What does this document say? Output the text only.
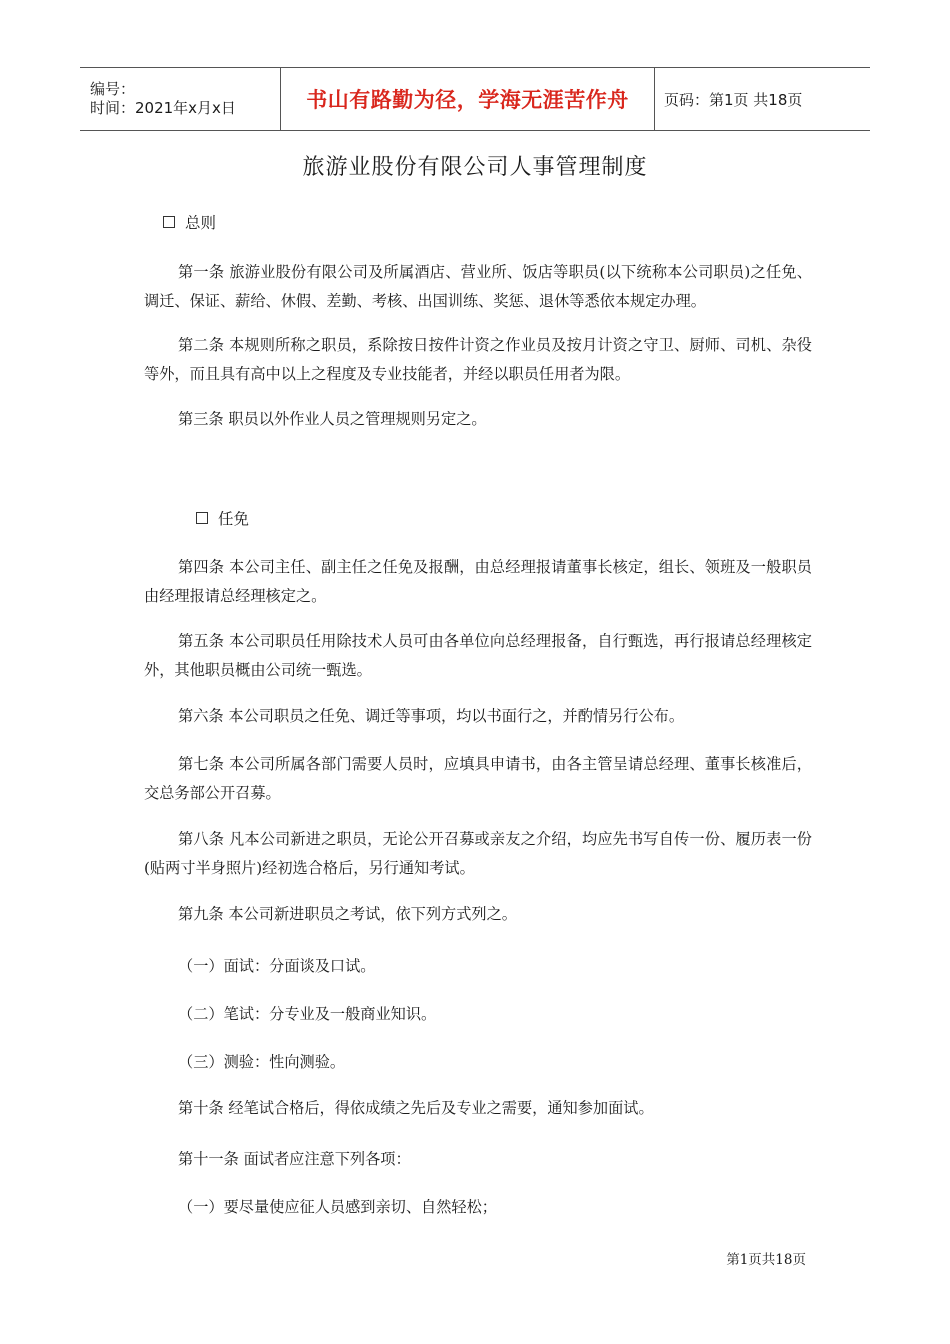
编号：
时间：2021年x月x日	书山有路勤为径，学海无涯苦作舟 页码：第1页 共18页
旅游业股份有限公司人事管理制度
总则
第一条 旅游业股份有限公司及所属酒店、营业所、饭店等职员(以下统称本公司职员)之任免、调迁、保证、薪给、休假、差勤、考核、出国训练、奖惩、退休等悉依本规定办理。
第二条 本规则所称之职员，系除按日按件计资之作业员及按月计资之守卫、厨师、司机、杂役等外，而且具有高中以上之程度及专业技能者，并经以职员任用者为限。
第三条 职员以外作业人员之管理规则另定之。
任免
第四条 本公司主任、副主任之任免及报酬，由总经理报请董事长核定，组长、领班及一般职员由经理报请总经理核定之。
第五条 本公司职员任用除技术人员可由各单位向总经理报备，自行甄选，再行报请总经理核定外，其他职员概由公司统一甄选。
第六条 本公司职员之任免、调迁等事项，均以书面行之，并酌情另行公布。
第七条 本公司所属各部门需要人员时，应填具申请书，由各主管呈请总经理、董事长核准后，交总务部公开召募。
第八条 凡本公司新进之职员，无论公开召募或亲友之介绍，均应先书写自传一份、履历表一份(贴两寸半身照片)经初选合格后，另行通知考试。
第九条 本公司新进职员之考试，依下列方式列之。
（一）面试：分面谈及口试。
（二）笔试：分专业及一般商业知识。
（三）测验：性向测验。
第十条 经笔试合格后，得依成绩之先后及专业之需要，通知参加面试。
第十一条 面试者应注意下列各项：
（一）要尽量使应征人员感到亲切、自然轻松；
第1页共18页
